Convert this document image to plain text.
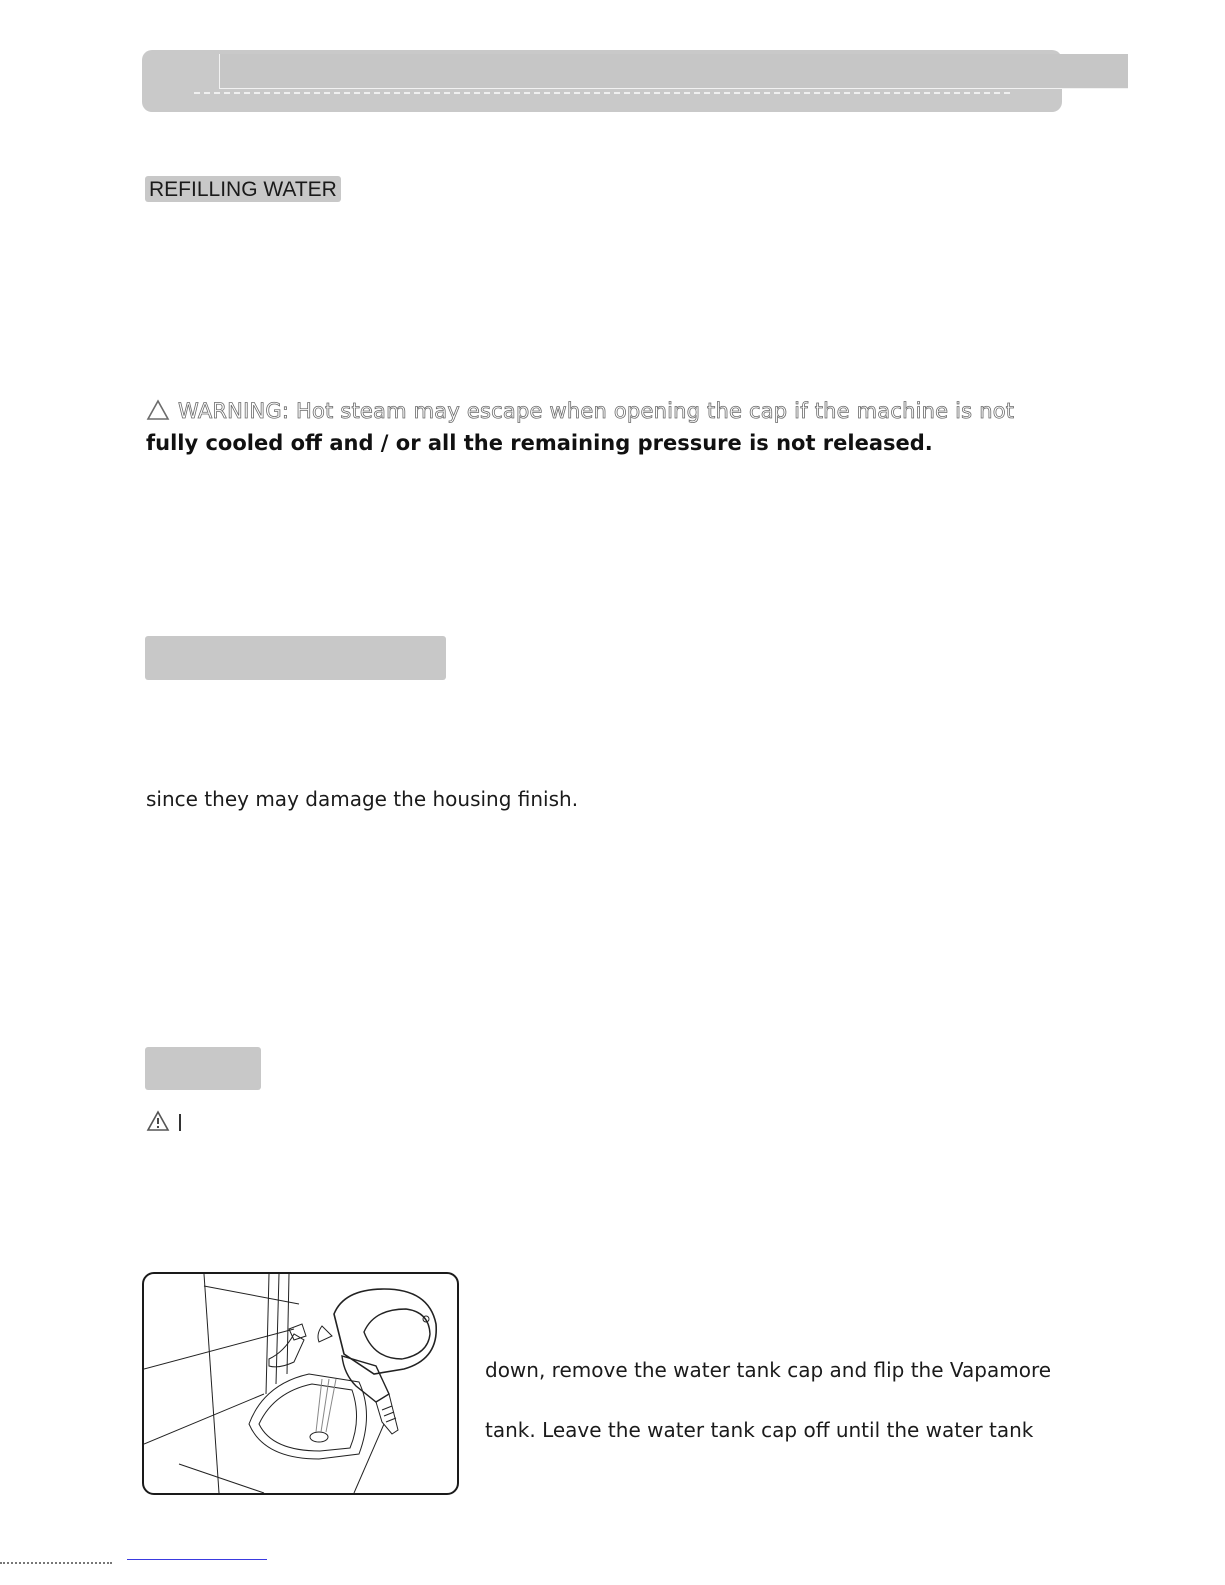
REFILLING WATER
WARNING: Hot steam may escape when opening the cap if the machine is not
fully cooled off and / or all the remaining pressure is not released.
since they may damage the housing finish.
down, remove the water tank cap and flip the Vapamore
tank. Leave the water tank cap off until the water tank
